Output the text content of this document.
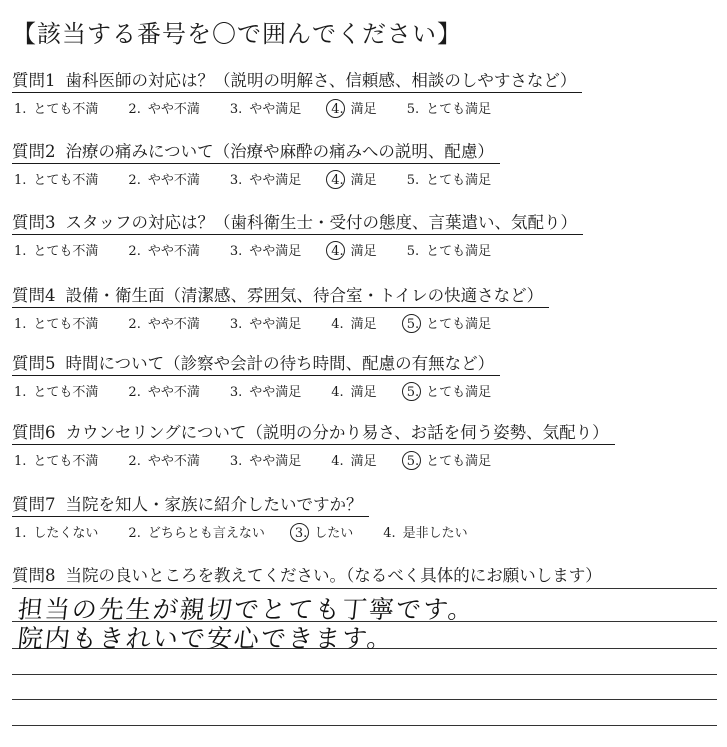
【該当する番号を〇で囲んでください】
質問1 歯科医師の対応は？（説明の明解さ、信頼感、相談のしやすさなど）
1. とても不満 2. やや不満 3. やや満足 4. 満足 5. とても満足
質問2 治療の痛みについて（治療や麻酔の痛みへの説明、配慮）
1. とても不満 2. やや不満 3. やや満足 4. 満足 5. とても満足
質問3 スタッフの対応は？（歯科衛生士・受付の態度、言葉遣い、気配り）
1. とても不満 2. やや不満 3. やや満足 4. 満足 5. とても満足
質問4 設備・衛生面（清潔感、雰囲気、待合室・トイレの快適さなど）
1. とても不満 2. やや不満 3. やや満足 4. 満足 5. とても満足
質問5 時間について（診察や会計の待ち時間、配慮の有無など）
1. とても不満 2. やや不満 3. やや満足 4. 満足 5. とても満足
質問6 カウンセリングについて（説明の分かり易さ、お話を伺う姿勢、気配り）
1. とても不満 2. やや不満 3. やや満足 4. 満足 5. とても満足
質問7 当院を知人・家族に紹介したいですか？
1. したくない 2. どちらとも言えない 3. したい 4. 是非したい
質問8 当院の良いところを教えてください。（なるべく具体的にお願いします）
担当の先生が親切でとても丁寧です。
院内もきれいで安心できます。
